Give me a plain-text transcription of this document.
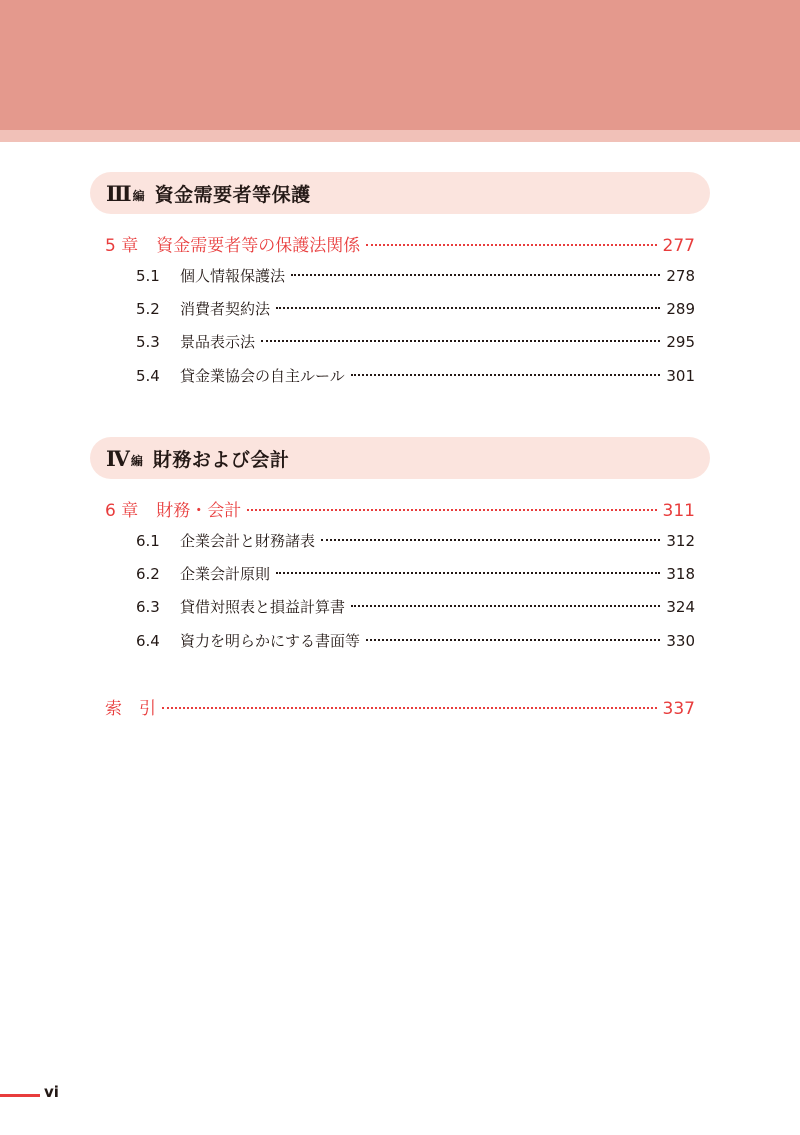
Ⅲ 編 資金需要者等保護
5 章 資金需要者等の保護法関係	277
5.1	個人情報保護法	278
5.2	消費者契約法	289
5.3	景品表示法	295
5.4	貸金業協会の自主ルール	301
Ⅳ 編 財務および会計
6 章 財務・会計	311
6.1	企業会計と財務諸表	312
6.2	企業会計原則	318
6.3	貸借対照表と損益計算書	324
6.4	資力を明らかにする書面等	330
索　引	337
vi
